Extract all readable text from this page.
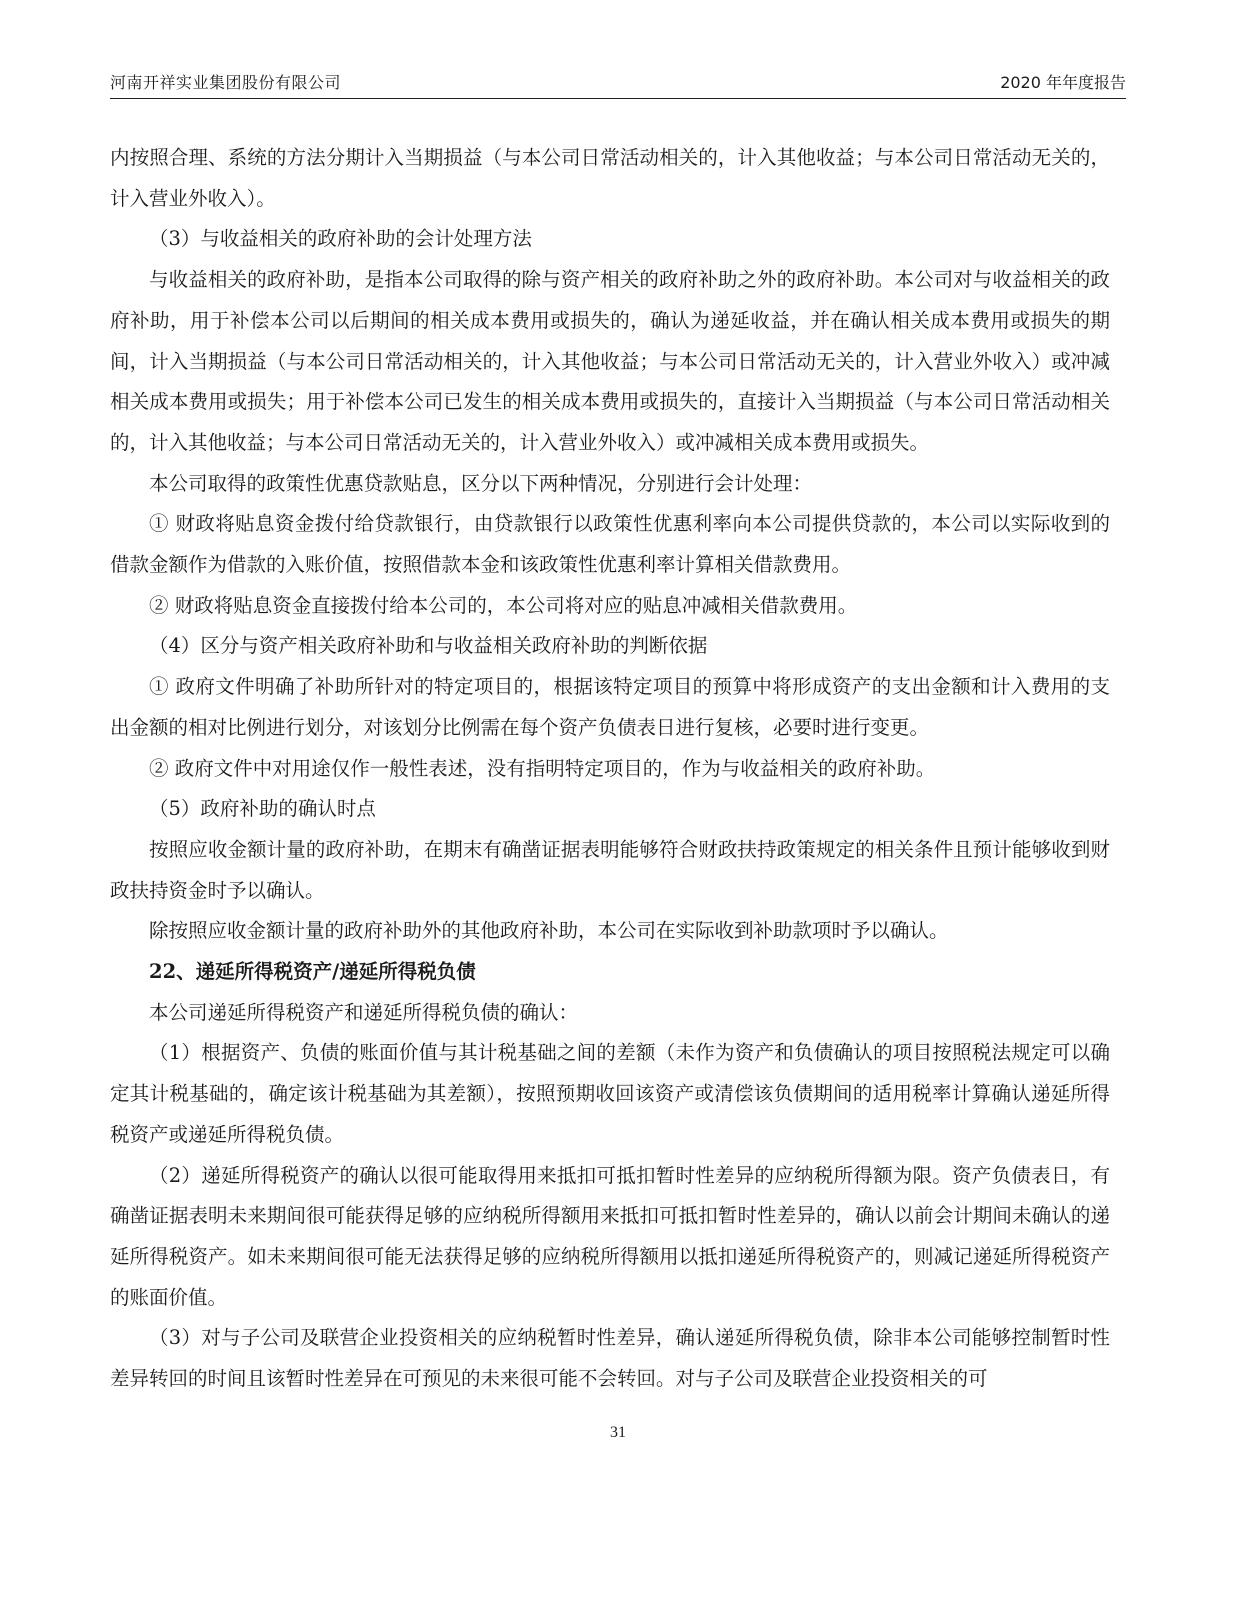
河南开祥实业集团股份有限公司	2020 年年度报告

内按照合理、系统的方法分期计入当期损益（与本公司日常活动相关的，计入其他收益；与本公司日常活动无关的，计入营业外收入）。

（3）与收益相关的政府补助的会计处理方法

与收益相关的政府补助，是指本公司取得的除与资产相关的政府补助之外的政府补助。本公司对与收益相关的政府补助，用于补偿本公司以后期间的相关成本费用或损失的，确认为递延收益，并在确认相关成本费用或损失的期间，计入当期损益（与本公司日常活动相关的，计入其他收益；与本公司日常活动无关的，计入营业外收入）或冲减相关成本费用或损失；用于补偿本公司已发生的相关成本费用或损失的，直接计入当期损益（与本公司日常活动相关的，计入其他收益；与本公司日常活动无关的，计入营业外收入）或冲减相关成本费用或损失。

本公司取得的政策性优惠贷款贴息，区分以下两种情况，分别进行会计处理：

① 财政将贴息资金拨付给贷款银行，由贷款银行以政策性优惠利率向本公司提供贷款的，本公司以实际收到的借款金额作为借款的入账价值，按照借款本金和该政策性优惠利率计算相关借款费用。

② 财政将贴息资金直接拨付给本公司的，本公司将对应的贴息冲减相关借款费用。

（4）区分与资产相关政府补助和与收益相关政府补助的判断依据

① 政府文件明确了补助所针对的特定项目的，根据该特定项目的预算中将形成资产的支出金额和计入费用的支出金额的相对比例进行划分，对该划分比例需在每个资产负债表日进行复核，必要时进行变更。

② 政府文件中对用途仅作一般性表述，没有指明特定项目的，作为与收益相关的政府补助。

（5）政府补助的确认时点

按照应收金额计量的政府补助，在期末有确凿证据表明能够符合财政扶持政策规定的相关条件且预计能够收到财政扶持资金时予以确认。

除按照应收金额计量的政府补助外的其他政府补助，本公司在实际收到补助款项时予以确认。

22、递延所得税资产/递延所得税负债

本公司递延所得税资产和递延所得税负债的确认：

（1）根据资产、负债的账面价值与其计税基础之间的差额（未作为资产和负债确认的项目按照税法规定可以确定其计税基础的，确定该计税基础为其差额），按照预期收回该资产或清偿该负债期间的适用税率计算确认递延所得税资产或递延所得税负债。

（2）递延所得税资产的确认以很可能取得用来抵扣可抵扣暂时性差异的应纳税所得额为限。资产负债表日，有确凿证据表明未来期间很可能获得足够的应纳税所得额用来抵扣可抵扣暂时性差异的，确认以前会计期间未确认的递延所得税资产。如未来期间很可能无法获得足够的应纳税所得额用以抵扣递延所得税资产的，则减记递延所得税资产的账面价值。

（3）对与子公司及联营企业投资相关的应纳税暂时性差异，确认递延所得税负债，除非本公司能够控制暂时性差异转回的时间且该暂时性差异在可预见的未来很可能不会转回。对与子公司及联营企业投资相关的可

31
